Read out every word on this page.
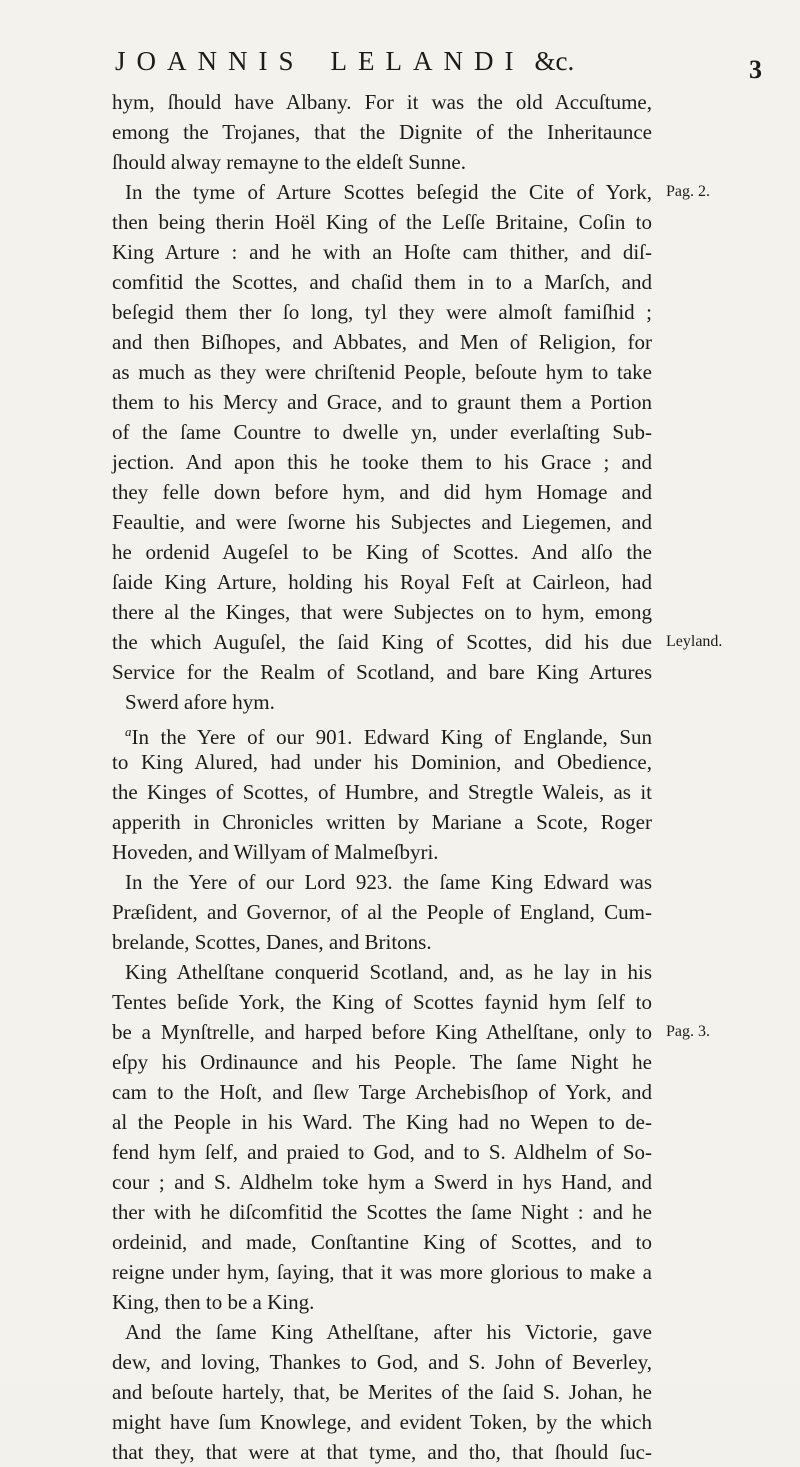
JOANNIS LELANDI &c.	3
hym, ſhould have Albany. For it was the old Accuſtume,
emong the Trojanes, that the Dignite of the Inheritaunce
ſhould alway remayne to the eldeſt Sunne.
In the tyme of Arture Scottes beſegid the Cite of York,
then being therin Hoël King of the Leſſe Britaine, Coſin to
King Arture : and he with an Hoſte cam thither, and diſ-
comfitid the Scottes, and chaſid them in to a Marſch, and
beſegid them ther ſo long, tyl they were almoſt famiſhid ;
and then Biſhopes, and Abbates, and Men of Religion, for
as much as they were chriſtenid People, beſoute hym to take
them to his Mercy and Grace, and to graunt them a Portion
of the ſame Countre to dwelle yn, under everlaſting Sub-
jection. And apon this he tooke them to his Grace ; and
they felle down before hym, and did hym Homage and
Feaultie, and were ſworne his Subjectes and Liegemen, and
he ordenid Augeſel to be King of Scottes. And alſo the
ſaide King Arture, holding his Royal Feſt at Cairleon, had
there al the Kinges, that were Subjectes on to hym, emong
the which Auguſel, the ſaid King of Scottes, did his due
Service for the Realm of Scotland, and bare King Artures
Swerd afore hym.
$^a$In the Yere of our 901. Edward King of Englande, Sun
to King Alured, had under his Dominion, and Obedience,
the Kinges of Scottes, of Humbre, and Stregtle Waleis, as it
apperith in Chronicles written by Mariane a Scote, Roger
Hoveden, and Willyam of Malmeſbyri.
In the Yere of our Lord 923. the ſame King Edward was
Præſident, and Governor, of al the People of England, Cum-
brelande, Scottes, Danes, and Britons.
King Athelſtane conquerid Scotland, and, as he lay in his
Tentes beſide York, the King of Scottes faynid hym ſelf to
be a Mynſtrelle, and harped before King Athelſtane, only to
eſpy his Ordinaunce and his People. The ſame Night he
cam to the Hoſt, and ſlew Targe Archebisſhop of York, and
al the People in his Ward. The King had no Wepen to de-
fend hym ſelf, and praied to God, and to S. Aldhelm of So-
cour ; and S. Aldhelm toke hym a Swerd in hys Hand, and
ther with he diſcomfitid the Scottes the ſame Night : and he
ordeinid, and made, Conſtantine King of Scottes, and to
reigne under hym, ſaying, that it was more glorious to make a
King, then to be a King.
And the ſame King Athelſtane, after his Victorie, gave
dew, and loving, Thankes to God, and S. John of Beverley,
and beſoute hartely, that, be Merites of the ſaid S. Johan, he
might have ſum Knowlege, and evident Token, by the which
that they, that were at that tyme, and tho, that ſhould ſuc-
Pag. 2.
Leyland.
Pag. 3.
